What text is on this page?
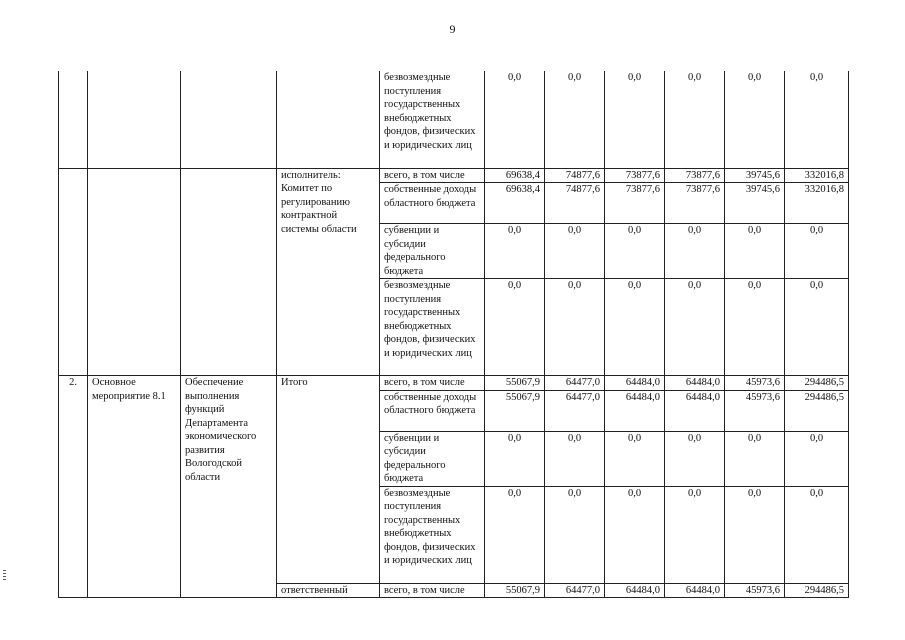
9
				безвозмездные поступления государственных внебюджетных фондов, физических и юридических лиц	0,0	0,0	0,0	0,0	0,0	0,0
			исполнитель: Комитет по регулированию контрактной системы области	всего, в том числе	69638,4	74877,6	73877,6	73877,6	39745,6	332016,8
				собственные доходы областного бюджета	69638,4	74877,6	73877,6	73877,6	39745,6	332016,8
				субвенции и субсидии федерального бюджета	0,0	0,0	0,0	0,0	0,0	0,0
				безвозмездные поступления государственных внебюджетных фондов, физических и юридических лиц	0,0	0,0	0,0	0,0	0,0	0,0
2.	Основное мероприятие 8.1	Обеспечение выполнения функций Департамента экономического развития Вологодской области	Итого	всего, в том числе	55067,9	64477,0	64484,0	64484,0	45973,6	294486,5
				собственные доходы областного бюджета	55067,9	64477,0	64484,0	64484,0	45973,6	294486,5
				субвенции и субсидии федерального бюджета	0,0	0,0	0,0	0,0	0,0	0,0
				безвозмездные поступления государственных внебюджетных фондов, физических и юридических лиц	0,0	0,0	0,0	0,0	0,0	0,0
			ответственный	всего, в том числе	55067,9	64477,0	64484,0	64484,0	45973,6	294486,5
